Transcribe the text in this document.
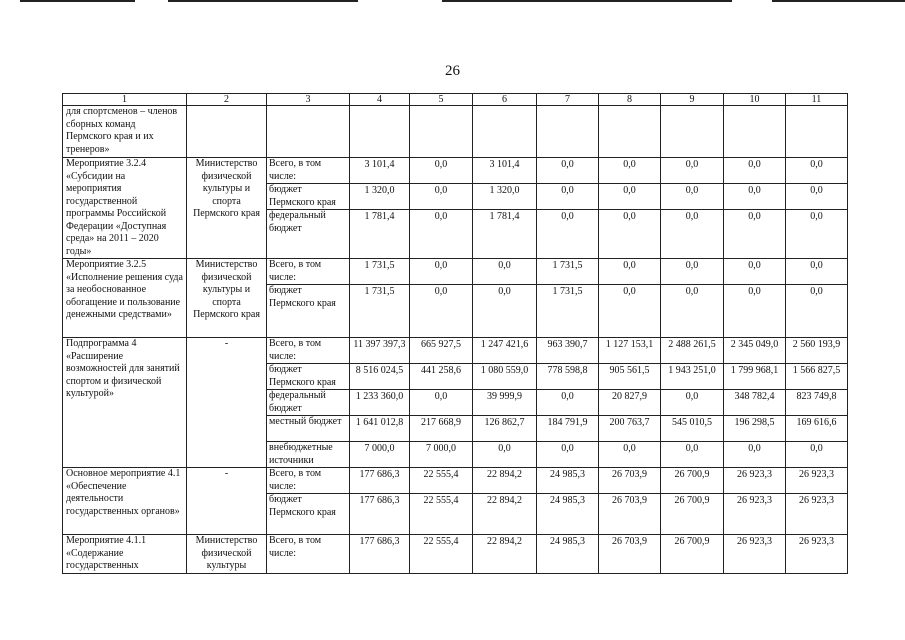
26
1	2	3	4	5	6	7	8	9	10	11
для спортсменов – членов сборных команд Пермского края и их тренеров»										
Мероприятие 3.2.4 «Субсидии на мероприятия государственной программы Российской Федерации «Доступная среда» на 2011 – 2020 годы»	Министерство физической культуры и спорта Пермского края	Всего, в том числе:	3 101,4	0,0	3 101,4	0,0	0,0	0,0	0,0	0,0
		бюджет Пермского края	1 320,0	0,0	1 320,0	0,0	0,0	0,0	0,0	0,0
		федеральный бюджет	1 781,4	0,0	1 781,4	0,0	0,0	0,0	0,0	0,0
Мероприятие 3.2.5 «Исполнение решения суда за необоснованное обогащение и пользование денежными средствами»	Министерство физической культуры и спорта Пермского края	Всего, в том числе:	1 731,5	0,0	0,0	1 731,5	0,0	0,0	0,0	0,0
		бюджет Пермского края	1 731,5	0,0	0,0	1 731,5	0,0	0,0	0,0	0,0
Подпрограмма 4 «Расширение возможностей для занятий спортом и физической культурой»	-	Всего, в том числе:	11 397 397,3	665 927,5	1 247 421,6	963 390,7	1 127 153,1	2 488 261,5	2 345 049,0	2 560 193,9
		бюджет Пермского края	8 516 024,5	441 258,6	1 080 559,0	778 598,8	905 561,5	1 943 251,0	1 799 968,1	1 566 827,5
		федеральный бюджет	1 233 360,0	0,0	39 999,9	0,0	20 827,9	0,0	348 782,4	823 749,8
		местный бюджет	1 641 012,8	217 668,9	126 862,7	184 791,9	200 763,7	545 010,5	196 298,5	169 616,6
		внебюджетные источники	7 000,0	7 000,0	0,0	0,0	0,0	0,0	0,0	0,0
Основное мероприятие 4.1 «Обеспечение деятельности государственных органов»	-	Всего, в том числе:	177 686,3	22 555,4	22 894,2	24 985,3	26 703,9	26 700,9	26 923,3	26 923,3
		бюджет Пермского края	177 686,3	22 555,4	22 894,2	24 985,3	26 703,9	26 700,9	26 923,3	26 923,3
Мероприятие 4.1.1 «Содержание государственных	Министерство физической культуры	Всего, в том числе:	177 686,3	22 555,4	22 894,2	24 985,3	26 703,9	26 700,9	26 923,3	26 923,3
